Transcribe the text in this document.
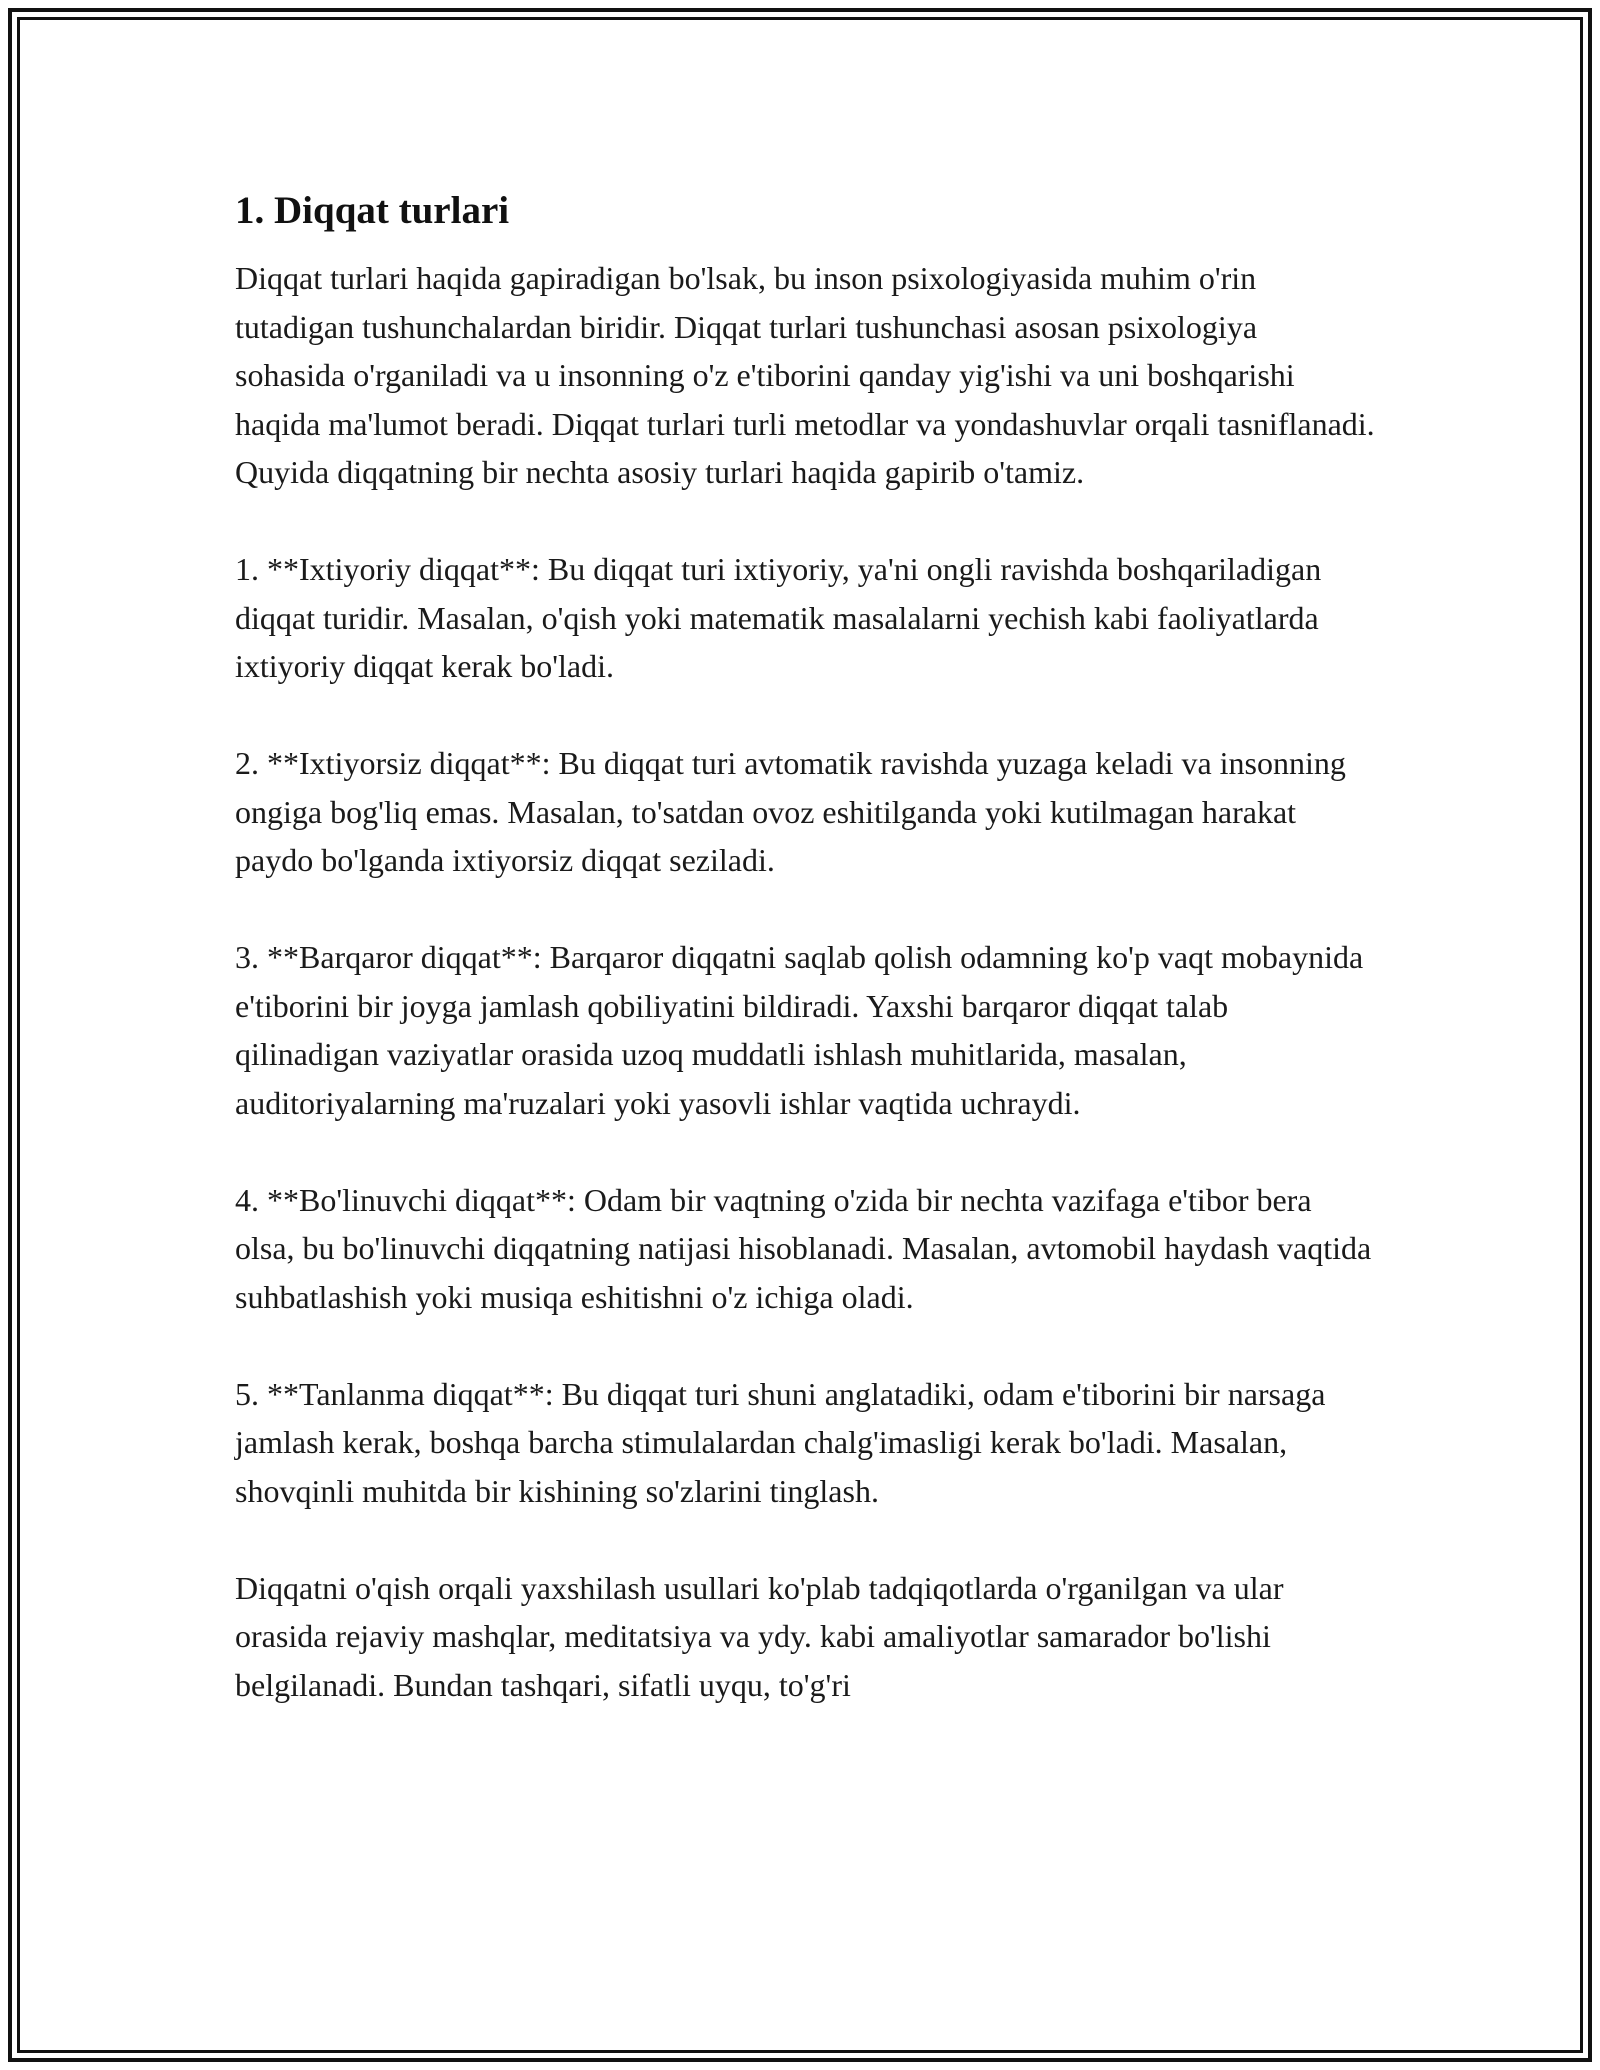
1. Diqqat turlari

Diqqat turlari haqida gapiradigan bo'lsak, bu inson psixologiyasida muhim o'rin tutadigan tushunchalardan biridir. Diqqat turlari tushunchasi asosan psixologiya sohasida o'rganiladi va u insonning o'z e'tiborini qanday yig'ishi va uni boshqarishi haqida ma'lumot beradi. Diqqat turlari turli metodlar va yondashuvlar orqali tasniflanadi. Quyida diqqatning bir nechta asosiy turlari haqida gapirib o'tamiz.

1. **Ixtiyoriy diqqat**: Bu diqqat turi ixtiyoriy, ya'ni ongli ravishda boshqariladigan diqqat turidir. Masalan, o'qish yoki matematik masalalarni yechish kabi faoliyatlarda ixtiyoriy diqqat kerak bo'ladi.

2. **Ixtiyorsiz diqqat**: Bu diqqat turi avtomatik ravishda yuzaga keladi va insonning ongiga bog'liq emas. Masalan, to'satdan ovoz eshitilganda yoki kutilmagan harakat paydo bo'lganda ixtiyorsiz diqqat seziladi.

3. **Barqaror diqqat**: Barqaror diqqatni saqlab qolish odamning ko'p vaqt mobaynida e'tiborini bir joyga jamlash qobiliyatini bildiradi. Yaxshi barqaror diqqat talab qilinadigan vaziyatlar orasida uzoq muddatli ishlash muhitlarida, masalan, auditoriyalarning ma'ruzalari yoki yasovli ishlar vaqtida uchraydi.

4. **Bo'linuvchi diqqat**: Odam bir vaqtning o'zida bir nechta vazifaga e'tibor bera olsa, bu bo'linuvchi diqqatning natijasi hisoblanadi. Masalan, avtomobil haydash vaqtida suhbatlashish yoki musiqa eshitishni o'z ichiga oladi.

5. **Tanlanma diqqat**: Bu diqqat turi shuni anglatadiki, odam e'tiborini bir narsaga jamlash kerak, boshqa barcha stimulalardan chalg'imasligi kerak bo'ladi. Masalan, shovqinli muhitda bir kishining so'zlarini tinglash.

Diqqatni o'qish orqali yaxshilash usullari ko'plab tadqiqotlarda o'rganilgan va ular orasida rejaviy mashqlar, meditatsiya va ydy. kabi amaliyotlar samarador bo'lishi belgilanadi. Bundan tashqari, sifatli uyqu, to'g'ri
